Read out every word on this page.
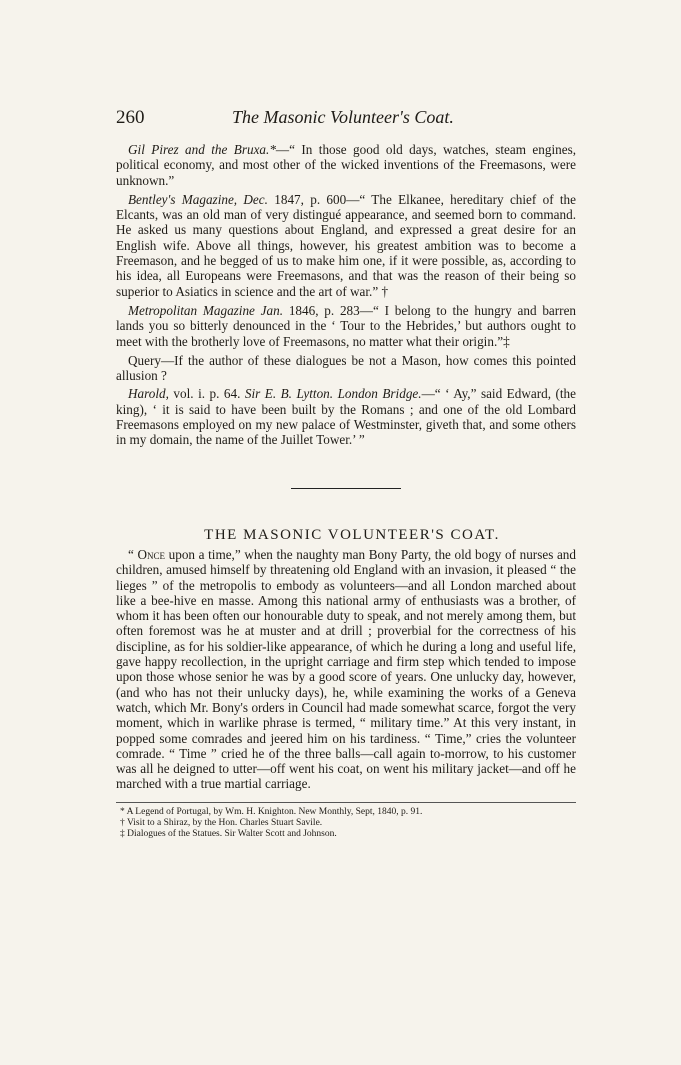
260	The Masonic Volunteer's Coat.

Gil Pirez and the Bruxa.*—“ In those good old days, watches, steam engines, political economy, and most other of the wicked inventions of the Freemasons, were unknown.”

Bentley's Magazine, Dec. 1847, p. 600—“ The Elkanee, hereditary chief of the Elcants, was an old man of very distingué appearance, and seemed born to command. He asked us many questions about England, and expressed a great desire for an English wife. Above all things, however, his greatest ambition was to become a Freemason, and he begged of us to make him one, if it were possible, as, according to his idea, all Europeans were Freemasons, and that was the reason of their being so superior to Asiatics in science and the art of war.” †

Metropolitan Magazine Jan. 1846, p. 283—“ I belong to the hungry and barren lands you so bitterly denounced in the ‘ Tour to the Hebrides,’ but authors ought to meet with the brotherly love of Freemasons, no matter what their origin.”‡

Query—If the author of these dialogues be not a Mason, how comes this pointed allusion ?

Harold, vol. i. p. 64. Sir E. B. Lytton. London Bridge.—“ ‘ Ay,” said Edward, (the king), ‘ it is said to have been built by the Romans ; and one of the old Lombard Freemasons employed on my new palace of Westminster, giveth that, and some others in my domain, the name of the Juillet Tower.’ ”

THE MASONIC VOLUNTEER'S COAT.

“ Once upon a time,” when the naughty man Bony Party, the old bogy of nurses and children, amused himself by threatening old England with an invasion, it pleased “ the lieges ” of the metropolis to embody as volunteers—and all London marched about like a bee-hive en masse. Among this national army of enthusiasts was a brother, of whom it has been often our honourable duty to speak, and not merely among them, but often foremost was he at muster and at drill ; proverbial for the correctness of his discipline, as for his soldier-like appearance, of which he during a long and useful life, gave happy recollection, in the upright carriage and firm step which tended to impose upon those whose senior he was by a good score of years. One unlucky day, however, (and who has not their unlucky days), he, while examining the works of a Geneva watch, which Mr. Bony's orders in Council had made somewhat scarce, forgot the very moment, which in warlike phrase is termed, “ military time.” At this very instant, in popped some comrades and jeered him on his tardiness. “ Time,” cries the volunteer comrade. “ Time ” cried he of the three balls—call again to-morrow, to his customer was all he deigned to utter—off went his coat, on went his military jacket—and off he marched with a true martial carriage.

* A Legend of Portugal, by Wm. H. Knighton. New Monthly, Sept, 1840, p. 91.
† Visit to a Shiraz, by the Hon. Charles Stuart Savile.
‡ Dialogues of the Statues. Sir Walter Scott and Johnson.
